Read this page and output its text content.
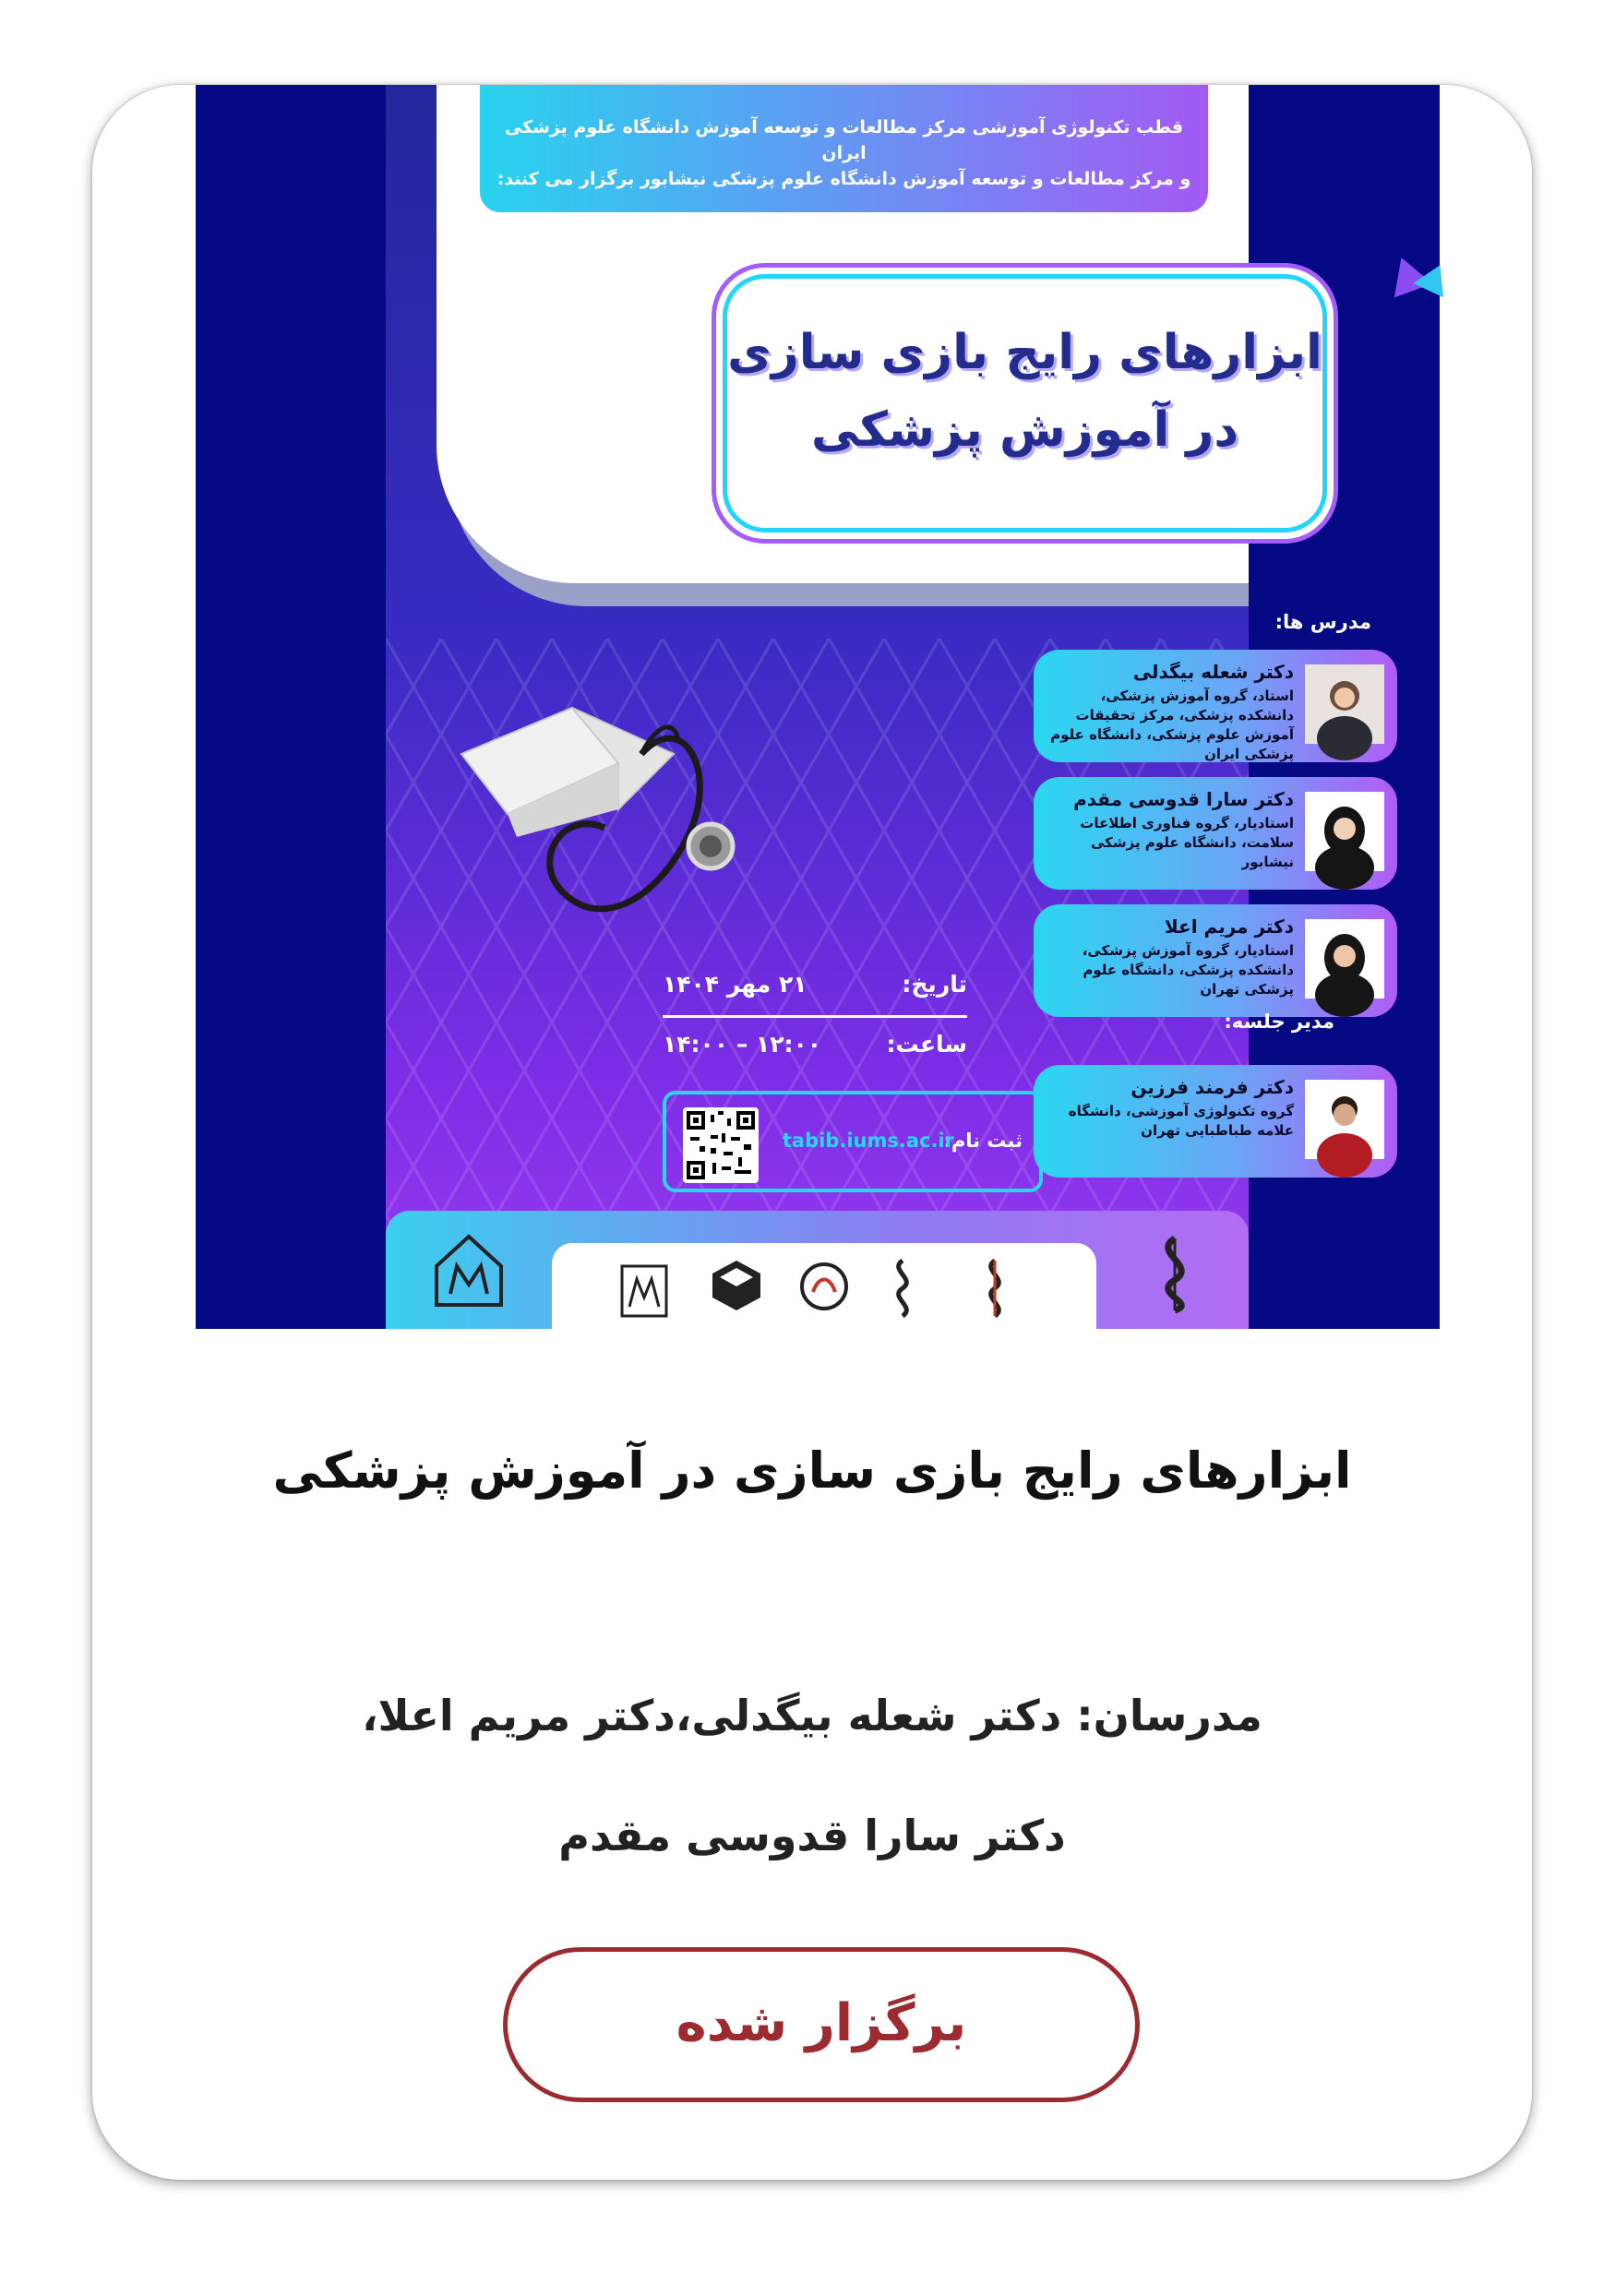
ابزارهای رایج بازی سازی
در آموزش پزشکی
مدرس ها:
دکتر شعله بیگدلی
استاد، گروه آموزش پزشکی، دانشکده پزشکی، مرکز تحقیقات آموزش علوم پزشکی، دانشگاه علوم پزشکی ایران
دکتر سارا قدوسی مقدم
استادیار، گروه فناوری اطلاعات سلامت، دانشگاه علوم پزشکی نیشابور
دکتر مریم اعلا
استادیار، گروه آموزش پزشکی، دانشکده پزشکی، دانشگاه علوم پزشکی تهران
مدیر جلسه:
دکتر فرمند فرزین
گروه تکنولوژی آموزشی، دانشگاه علامه طباطبایی تهران
تاریخ:
۲۱ مهر ۱۴۰۴
ساعت:
۱۲:۰۰ – ۱۴:۰۰
ثبت نام:
tabib.iums.ac.ir
قطب تکنولوژی آموزشی مرکز مطالعات و توسعه آموزش دانشگاه علوم پزشکی ایران
و مرکز مطالعات و توسعه آموزش دانشگاه علوم پزشکی نیشابور برگزار می کنند:
ابزارهای رایج بازی سازی در آموزش پزشکی
مدرسان: دکتر شعله بیگدلی،دکتر مریم اعلا،
دکتر سارا قدوسی مقدم
برگزار شده
